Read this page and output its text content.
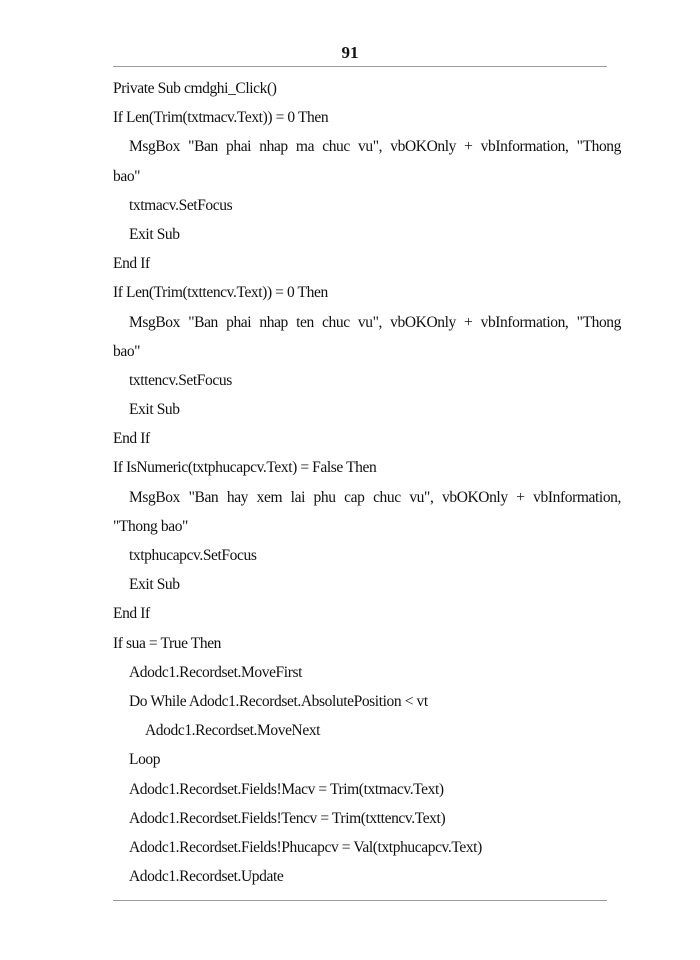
91
Private Sub cmdghi_Click()
If Len(Trim(txtmacv.Text)) = 0 Then
MsgBox "Ban phai nhap ma chuc vu", vbOKOnly + vbInformation, "Thong
bao"
txtmacv.SetFocus
Exit Sub
End If
If Len(Trim(txttencv.Text)) = 0 Then
MsgBox "Ban phai nhap ten chuc vu", vbOKOnly + vbInformation, "Thong
bao"
txttencv.SetFocus
Exit Sub
End If
If IsNumeric(txtphucapcv.Text) = False Then
MsgBox "Ban hay xem lai phu cap chuc vu", vbOKOnly + vbInformation,
"Thong bao"
txtphucapcv.SetFocus
Exit Sub
End If
If sua = True Then
Adodc1.Recordset.MoveFirst
Do While Adodc1.Recordset.AbsolutePosition < vt
Adodc1.Recordset.MoveNext
Loop
Adodc1.Recordset.Fields!Macv = Trim(txtmacv.Text)
Adodc1.Recordset.Fields!Tencv = Trim(txttencv.Text)
Adodc1.Recordset.Fields!Phucapcv = Val(txtphucapcv.Text)
Adodc1.Recordset.Update
